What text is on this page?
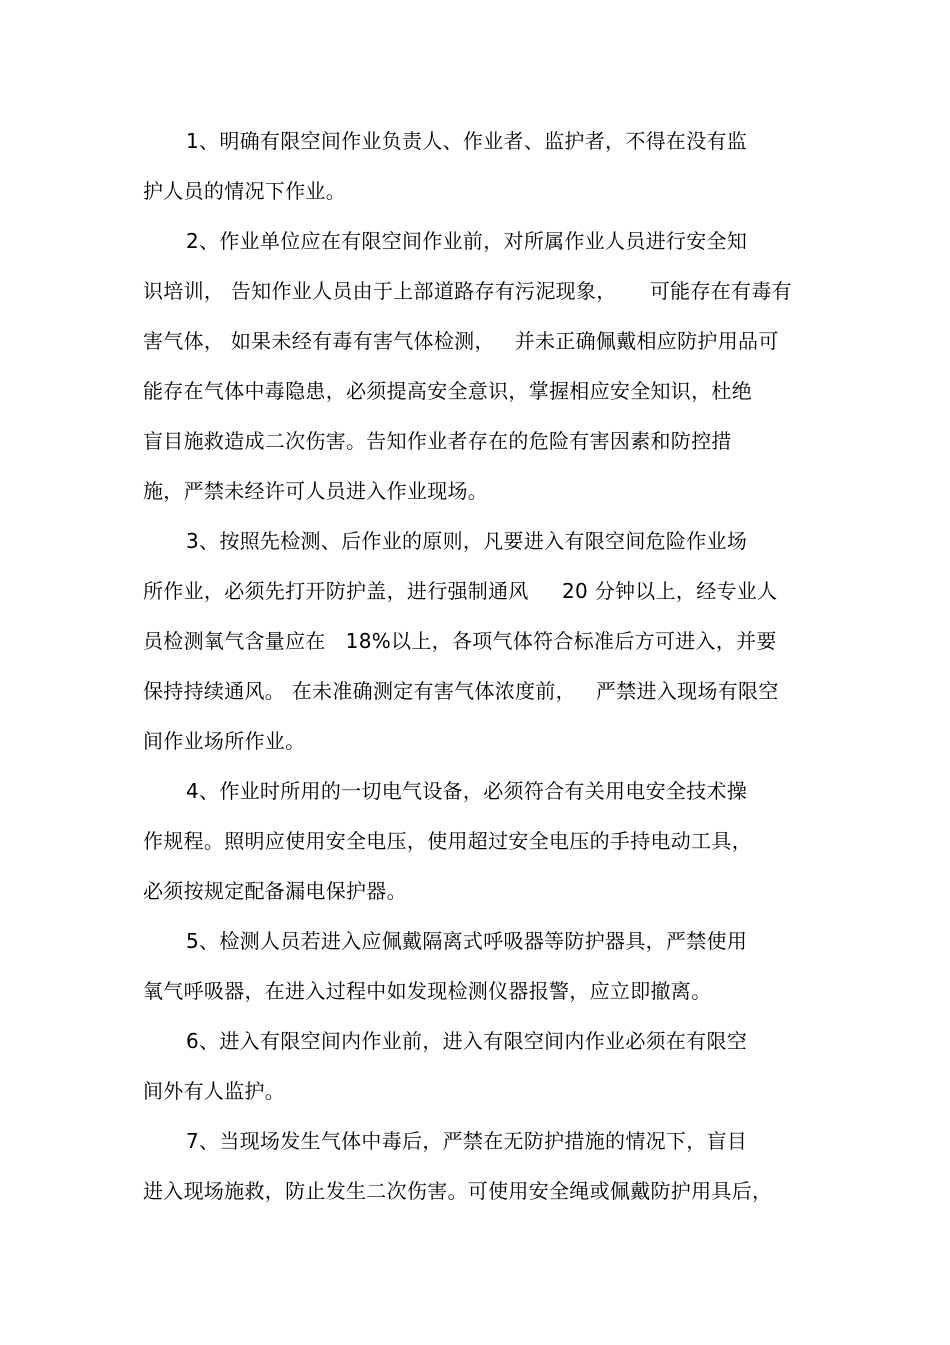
1、明确有限空间作业负责人、作业者、监护者，不得在没有监
护人员的情况下作业。
2、作业单位应在有限空间作业前，对所属作业人员进行安全知
识培训， 告知作业人员由于上部道路存有污泥现象，     可能存在有毒有
害气体， 如果未经有毒有害气体检测，   并未正确佩戴相应防护用品可
能存在气体中毒隐患，必须提高安全意识，掌握相应安全知识，杜绝
盲目施救造成二次伤害。告知作业者存在的危险有害因素和防控措
施，严禁未经许可人员进入作业现场。
3、按照先检测、后作业的原则，凡要进入有限空间危险作业场
所作业，必须先打开防护盖，进行强制通风     20 分钟以上，经专业人
员检测氧气含量应在   18%以上，各项气体符合标准后方可进入，并要
保持持续通风。 在未准确测定有害气体浓度前，   严禁进入现场有限空
间作业场所作业。
4、作业时所用的一切电气设备，必须符合有关用电安全技术操
作规程。照明应使用安全电压，使用超过安全电压的手持电动工具，
必须按规定配备漏电保护器。
5、检测人员若进入应佩戴隔离式呼吸器等防护器具，严禁使用
氧气呼吸器，在进入过程中如发现检测仪器报警，应立即撤离。
6、进入有限空间内作业前，进入有限空间内作业必须在有限空
间外有人监护。
7、当现场发生气体中毒后，严禁在无防护措施的情况下，盲目
进入现场施救，防止发生二次伤害。可使用安全绳或佩戴防护用具后，
